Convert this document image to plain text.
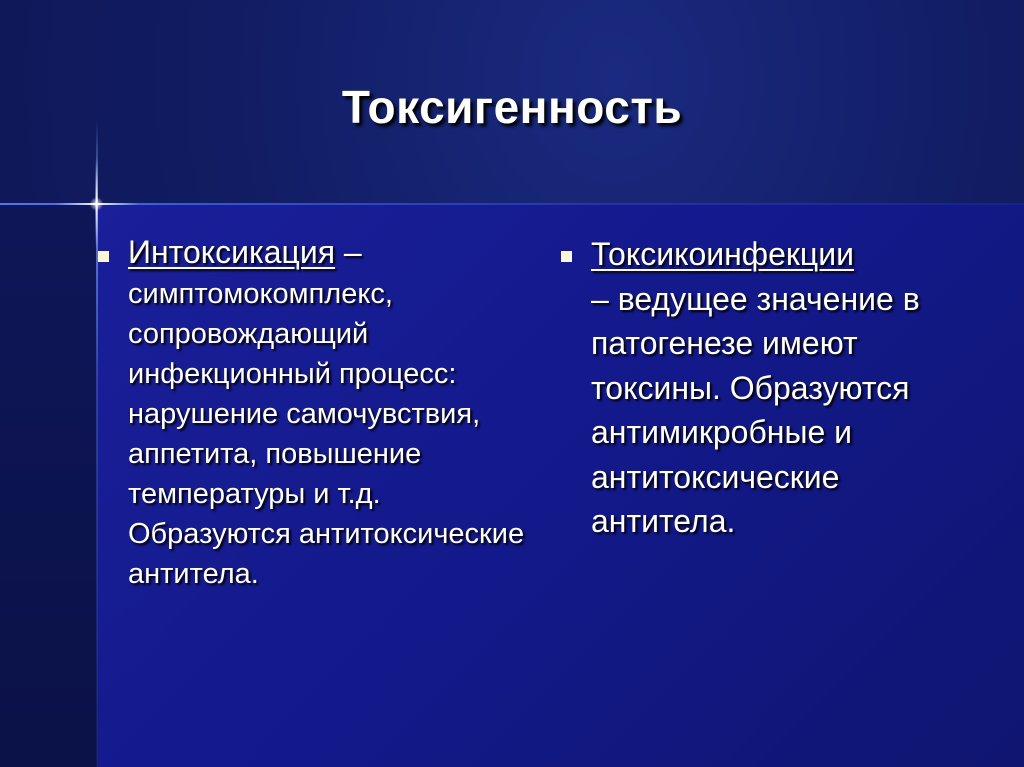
Токсигенность
Интоксикация –
симптомокомплекс, сопровождающий инфекционный процесс: нарушение самочувствия, аппетита, повышение температуры и т.д. Образуются антитоксические антитела.
Токсикоинфекции
– ведущее значение в патогенезе имеют токсины. Образуются антимикробные и антитоксические антитела.
